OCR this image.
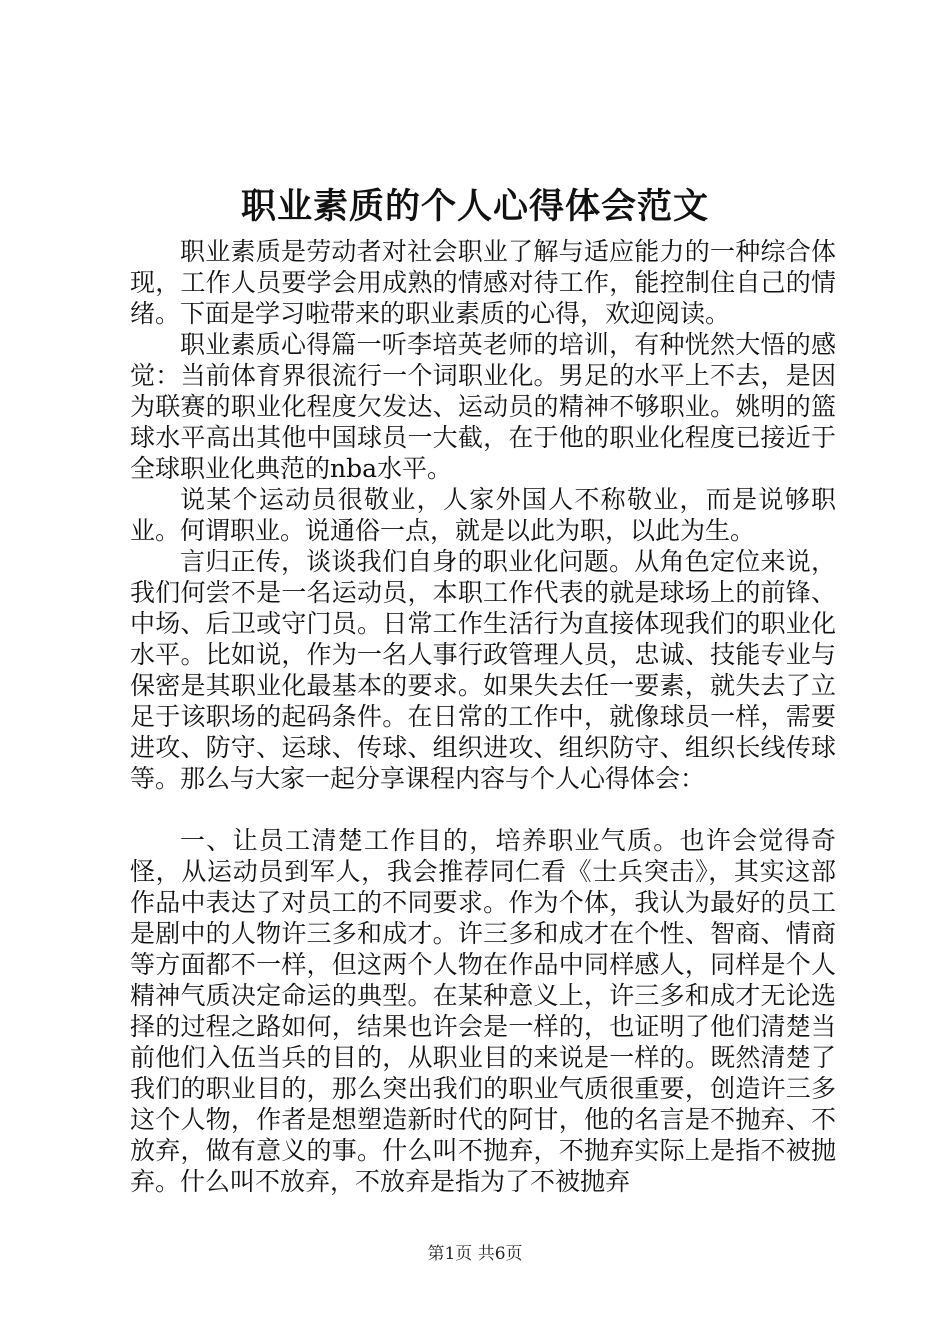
职业素质的个人心得体会范文

职业素质是劳动者对社会职业了解与适应能力的一种综合体现，工作人员要学会用成熟的情感对待工作，能控制住自己的情绪。下面是学习啦带来的职业素质的心得，欢迎阅读。

职业素质心得篇一听李培英老师的培训，有种恍然大悟的感觉：当前体育界很流行一个词职业化。男足的水平上不去，是因为联赛的职业化程度欠发达、运动员的精神不够职业。姚明的篮球水平高出其他中国球员一大截，在于他的职业化程度已接近于全球职业化典范的nba水平。

说某个运动员很敬业，人家外国人不称敬业，而是说够职业。何谓职业。说通俗一点，就是以此为职，以此为生。

言归正传，谈谈我们自身的职业化问题。从角色定位来说，我们何尝不是一名运动员，本职工作代表的就是球场上的前锋、中场、后卫或守门员。日常工作生活行为直接体现我们的职业化水平。比如说，作为一名人事行政管理人员，忠诚、技能专业与保密是其职业化最基本的要求。如果失去任一要素，就失去了立足于该职场的起码条件。在日常的工作中，就像球员一样，需要进攻、防守、运球、传球、组织进攻、组织防守、组织长线传球等。那么与大家一起分享课程内容与个人心得体会：

一、让员工清楚工作目的，培养职业气质。也许会觉得奇怪，从运动员到军人，我会推荐同仁看《士兵突击》，其实这部作品中表达了对员工的不同要求。作为个体，我认为最好的员工是剧中的人物许三多和成才。许三多和成才在个性、智商、情商等方面都不一样，但这两个人物在作品中同样感人，同样是个人精神气质决定命运的典型。在某种意义上，许三多和成才无论选择的过程之路如何，结果也许会是一样的，也证明了他们清楚当前他们入伍当兵的目的，从职业目的来说是一样的。既然清楚了我们的职业目的，那么突出我们的职业气质很重要，创造许三多这个人物，作者是想塑造新时代的阿甘，他的名言是不抛弃、不放弃，做有意义的事。什么叫不抛弃，不抛弃实际上是指不被抛弃。什么叫不放弃，不放弃是指为了不被抛弃

第1页 共6页
